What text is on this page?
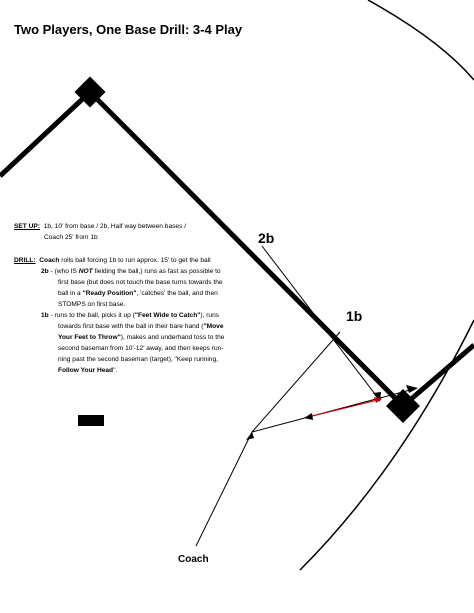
Two Players, One Base Drill: 3-4 Play
SET UP: 1b, 10' from base / 2b, Half way between bases /
Coach 25' from 1b
DRILL: Coach rolls ball forcing 1b to run approx. 15' to get the ball
2b - (who IS NOT fielding the ball,) runs as fast as possible to
first base (but does not touch the base turns towards the
ball in a "Ready Position", 'catches' the ball, and then
STOMPS on first base.
1b - runs to the ball, picks it up ("Feet Wide to Catch"), runs
towards first base with the ball in their bare hand ("Move
Your Feet to Throw"), makes and underhand toss to the
second baseman from 10'-12' away, and then keeps run-
ning past the second baseman (target), "Keep running,
Follow Your Head".
2b
1b
Coach
